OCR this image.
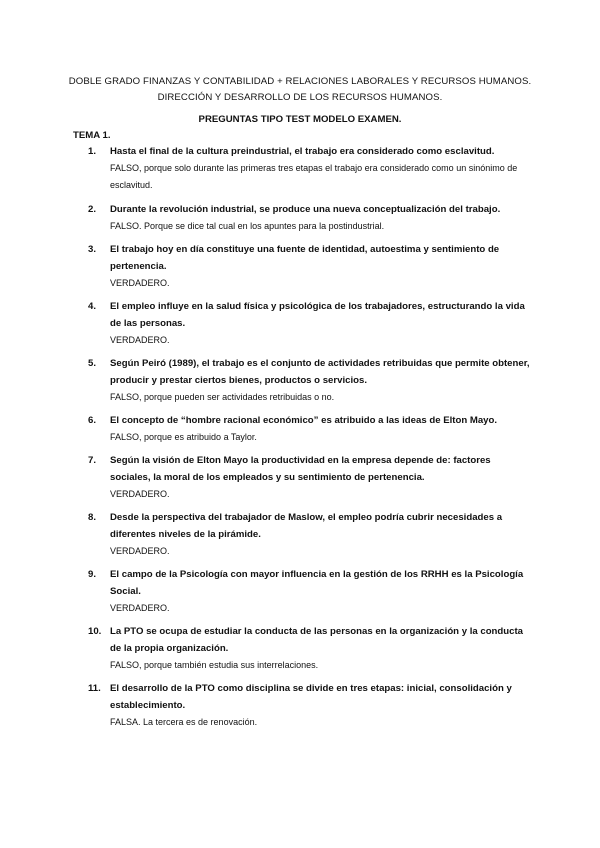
DOBLE GRADO FINANZAS Y CONTABILIDAD + RELACIONES LABORALES Y RECURSOS HUMANOS.
DIRECCIÓN Y DESARROLLO DE LOS RECURSOS HUMANOS.
PREGUNTAS TIPO TEST MODELO EXAMEN.
TEMA 1.
1.	Hasta el final de la cultura preindustrial, el trabajo era considerado como esclavitud.
FALSO, porque solo durante las primeras tres etapas el trabajo era considerado como un sinónimo de esclavitud.
2.	Durante la revolución industrial, se produce una nueva conceptualización del trabajo.
FALSO. Porque se dice tal cual en los apuntes para la postindustrial.
3.	El trabajo hoy en día constituye una fuente de identidad, autoestima y sentimiento de pertenencia.
VERDADERO.
4.	El empleo influye en la salud física y psicológica de los trabajadores, estructurando la vida de las personas.
VERDADERO.
5.	Según Peiró (1989), el trabajo es el conjunto de actividades retribuidas que permite obtener, producir y prestar ciertos bienes, productos o servicios.
FALSO, porque pueden ser actividades retribuidas o no.
6.	El concepto de “hombre racional económico” es atribuido a las ideas de Elton Mayo.
FALSO, porque es atribuido a Taylor.
7.	Según la visión de Elton Mayo la productividad en la empresa depende de: factores sociales, la moral de los empleados y su sentimiento de pertenencia.
VERDADERO.
8.	Desde la perspectiva del trabajador de Maslow, el empleo podría cubrir necesidades a diferentes niveles de la pirámide.
VERDADERO.
9.	El campo de la Psicología con mayor influencia en la gestión de los RRHH es la Psicología Social.
VERDADERO.
10. La PTO se ocupa de estudiar la conducta de las personas en la organización y la conducta de la propia organización.
FALSO, porque también estudia sus interrelaciones.
11. El desarrollo de la PTO como disciplina se divide en tres etapas: inicial, consolidación y establecimiento.
FALSA. La tercera es de renovación.
